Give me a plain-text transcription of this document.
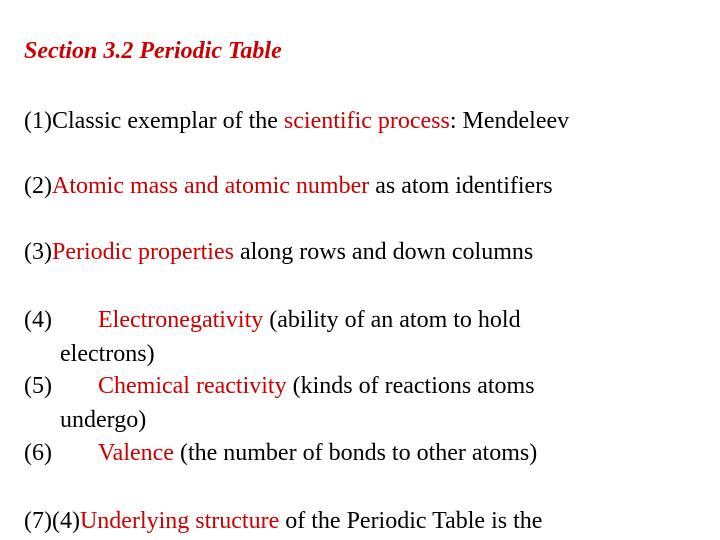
Section 3.2 Periodic Table
(1)Classic exemplar of the scientific process: Mendeleev
(2)Atomic mass and atomic number as atom identifiers
(3)Periodic properties along rows and down columns
(4) Electronegativity (ability of an atom to hold
electrons)
(5) Chemical reactivity (kinds of reactions atoms
undergo)
(6) Valence (the number of bonds to other atoms)
(7)(4)Underlying structure of the Periodic Table is the
